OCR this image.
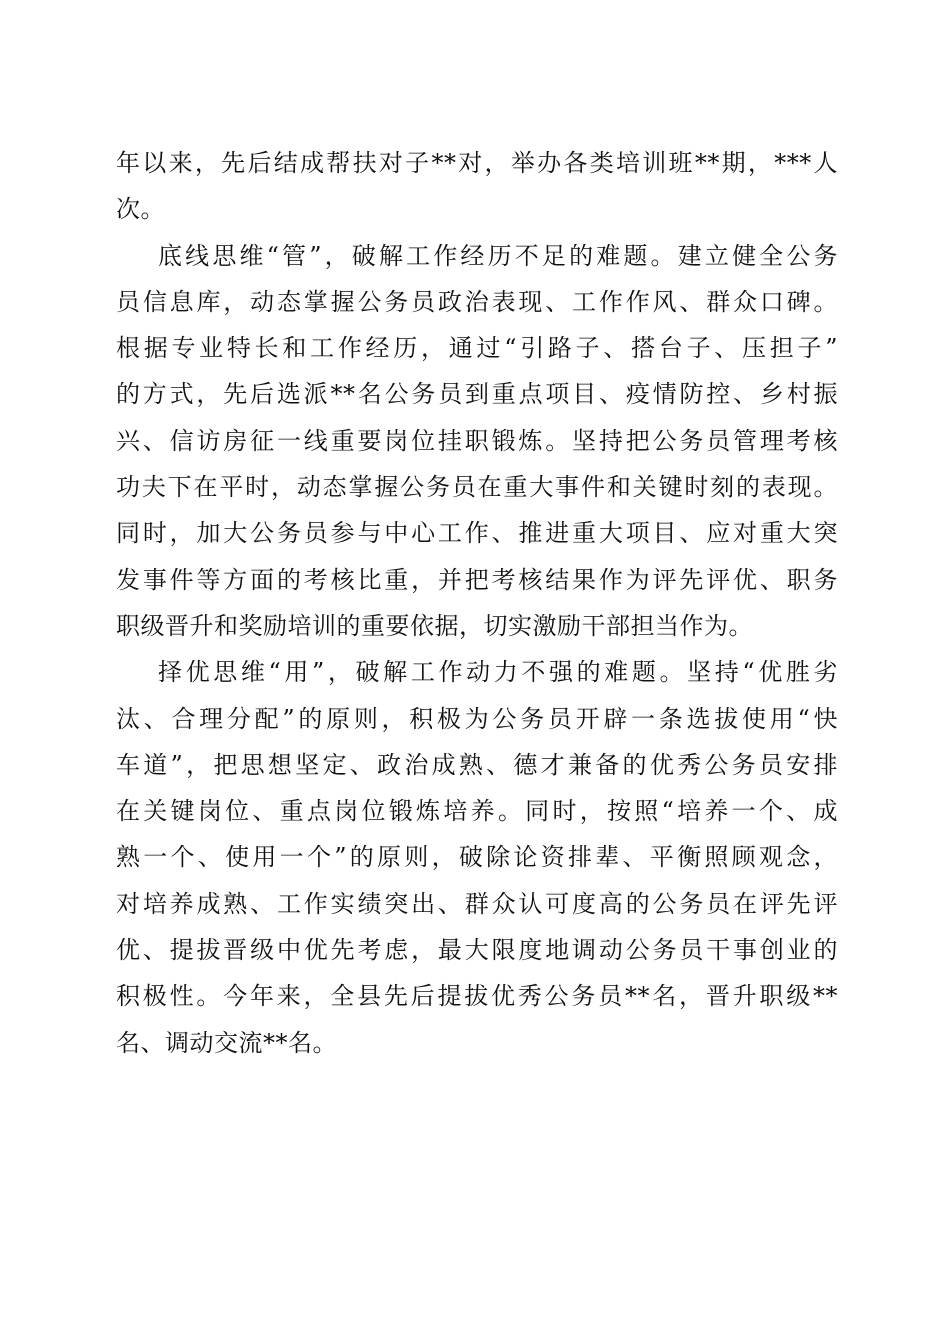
年以来，先后结成帮扶对子**对，举办各类培训班**期，***人
次。
底线思维“管”，破解工作经历不足的难题。建立健全公务
员信息库，动态掌握公务员政治表现、工作作风、群众口碑。
根据专业特长和工作经历，通过“引路子、搭台子、压担子”
的方式，先后选派**名公务员到重点项目、疫情防控、乡村振
兴、信访房征一线重要岗位挂职锻炼。坚持把公务员管理考核
功夫下在平时，动态掌握公务员在重大事件和关键时刻的表现。
同时，加大公务员参与中心工作、推进重大项目、应对重大突
发事件等方面的考核比重，并把考核结果作为评先评优、职务
职级晋升和奖励培训的重要依据，切实激励干部担当作为。
择优思维“用”，破解工作动力不强的难题。坚持“优胜劣
汰、合理分配”的原则，积极为公务员开辟一条选拔使用“快
车道”，把思想坚定、政治成熟、德才兼备的优秀公务员安排
在关键岗位、重点岗位锻炼培养。同时，按照“培养一个、成
熟一个、使用一个”的原则，破除论资排辈、平衡照顾观念，
对培养成熟、工作实绩突出、群众认可度高的公务员在评先评
优、提拔晋级中优先考虑，最大限度地调动公务员干事创业的
积极性。今年来，全县先后提拔优秀公务员**名，晋升职级**
名、调动交流**名。
